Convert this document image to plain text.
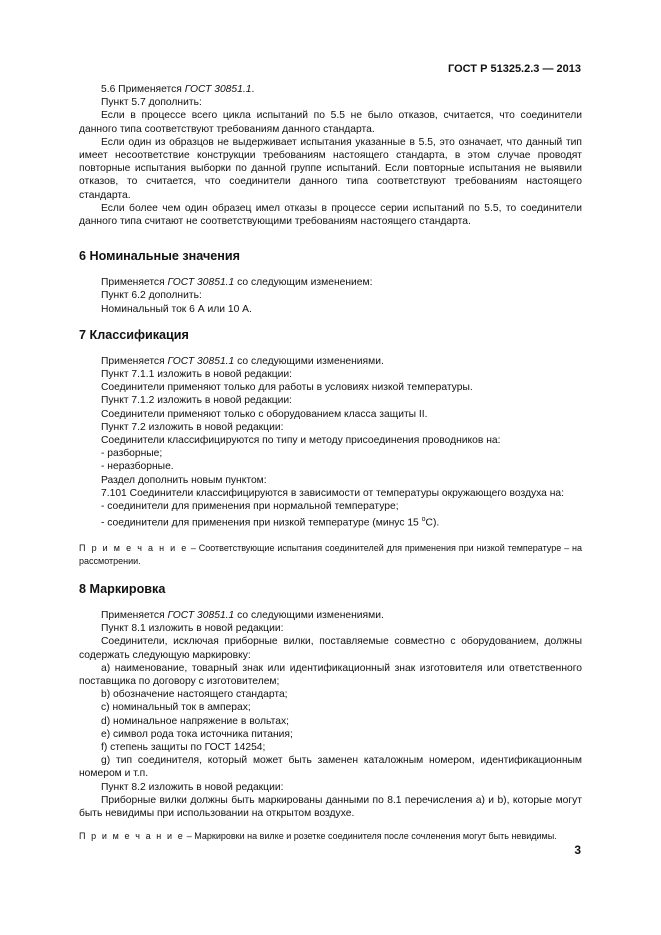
ГОСТ Р 51325.2.3 — 2013

5.6 Применяется ГОСТ 30851.1.

Пункт 5.7 дополнить:

Если в процессе всего цикла испытаний по 5.5 не было отказов, считается, что соединители данного типа соответствуют требованиям данного стандарта.

Если один из образцов не выдерживает испытания указанные в 5.5, это означает, что данный тип имеет несоответствие конструкции требованиям настоящего стандарта, в этом случае проводят повторные испытания выборки по данной группе испытаний. Если повторные испытания не выявили отказов, то считается, что соединители данного типа соответствуют требованиям настоящего стандарта.

Если более чем один образец имел отказы в процессе серии испытаний по 5.5, то соединители данного типа считают не соответствующими требованиям настоящего стандарта.

6 Номинальные значения

Применяется ГОСТ 30851.1 со следующим изменением:

Пункт 6.2 дополнить:

Номинальный ток 6 А или 10 А.

7 Классификация

Применяется ГОСТ 30851.1 со следующими изменениями.

Пункт 7.1.1 изложить в новой редакции:

Соединители применяют только для работы в условиях низкой температуры.

Пункт 7.1.2 изложить в новой редакции:

Соединители применяют только с оборудованием класса защиты II.

Пункт 7.2 изложить в новой редакции:

Соединители классифицируются по типу и методу присоединения проводников на:

- разборные;

- неразборные.

Раздел дополнить новым пунктом:

7.101 Соединители классифицируются в зависимости от температуры окружающего воздуха на:

- соединители для применения при нормальной температуре;

- соединители для применения при низкой температуре (минус 15 $^о$С).

П р и м е ч а н и е – Соответствующие испытания соединителей для применения при низкой температуре – на рассмотрении.

8 Маркировка

Применяется ГОСТ 30851.1 со следующими изменениями.

Пункт 8.1 изложить в новой редакции:

Соединители, исключая приборные вилки, поставляемые совместно с оборудованием, должны содержать следующую маркировку:

а) наименование, товарный знак или идентификационный знак изготовителя или ответственного поставщика по договору с изготовителем;

b) обозначение настоящего стандарта;

c) номинальный ток в амперах;

d) номинальное напряжение в вольтах;

e) символ рода тока источника питания;

f) степень защиты по ГОСТ 14254;

g) тип соединителя, который может быть заменен каталожным номером, идентификационным номером и т.п.

Пункт 8.2 изложить в новой редакции:

Приборные вилки должны быть маркированы данными по 8.1 перечисления а) и b), которые могут быть невидимы при использовании на открытом воздухе.

П р и м е ч а н и е – Маркировки на вилке и розетке соединителя после сочленения могут быть невидимы.

3
